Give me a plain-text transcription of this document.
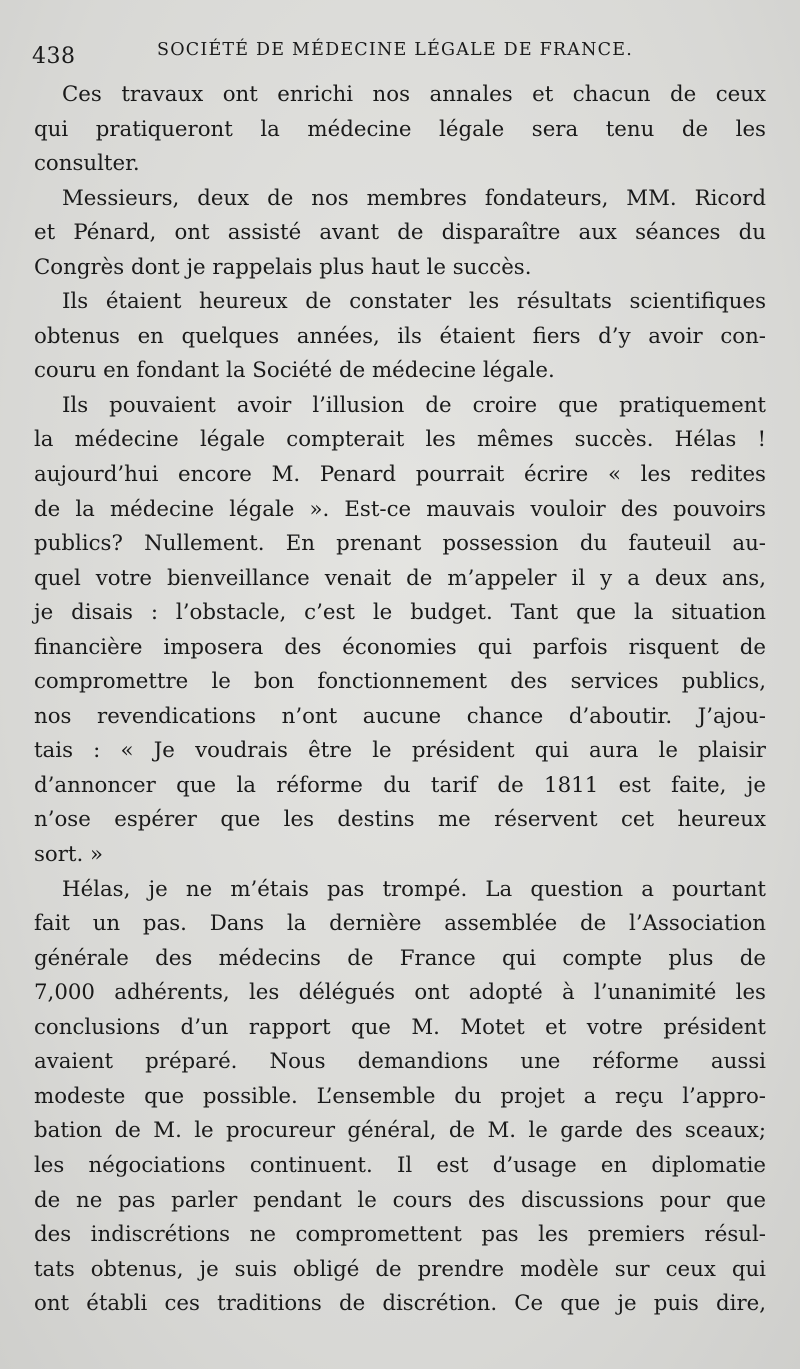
438	SOCIÉTÉ DE MÉDECINE LÉGALE DE FRANCE.
Ces travaux ont enrichi nos annales et chacun de ceux
qui pratiqueront la médecine légale sera tenu de les
consulter.
Messieurs, deux de nos membres fondateurs, MM. Ricord
et Pénard, ont assisté avant de disparaître aux séances du
Congrès dont je rappelais plus haut le succès.
Ils étaient heureux de constater les résultats scientifiques
obtenus en quelques années, ils étaient fiers d’y avoir con-
couru en fondant la Société de médecine légale.
Ils pouvaient avoir l’illusion de croire que pratiquement
la médecine légale compterait les mêmes succès. Hélas !
aujourd’hui encore M. Penard pourrait écrire « les redites
de la médecine légale ». Est-ce mauvais vouloir des pouvoirs
publics? Nullement. En prenant possession du fauteuil au-
quel votre bienveillance venait de m’appeler il y a deux ans,
je disais : l’obstacle, c’est le budget. Tant que la situation
financière imposera des économies qui parfois risquent de
compromettre le bon fonctionnement des services publics,
nos revendications n’ont aucune chance d’aboutir. J’ajou-
tais : « Je voudrais être le président qui aura le plaisir
d’annoncer que la réforme du tarif de 1811 est faite, je
n’ose espérer que les destins me réservent cet heureux
sort. »
Hélas, je ne m’étais pas trompé. La question a pourtant
fait un pas. Dans la dernière assemblée de l’Association
générale des médecins de France qui compte plus de
7,000 adhérents, les délégués ont adopté à l’unanimité les
conclusions d’un rapport que M. Motet et votre président
avaient préparé. Nous demandions une réforme aussi
modeste que possible. L’ensemble du projet a reçu l’appro-
bation de M. le procureur général, de M. le garde des sceaux;
les négociations continuent. Il est d’usage en diplomatie
de ne pas parler pendant le cours des discussions pour que
des indiscrétions ne compromettent pas les premiers résul-
tats obtenus, je suis obligé de prendre modèle sur ceux qui
ont établi ces traditions de discrétion. Ce que je puis dire,
